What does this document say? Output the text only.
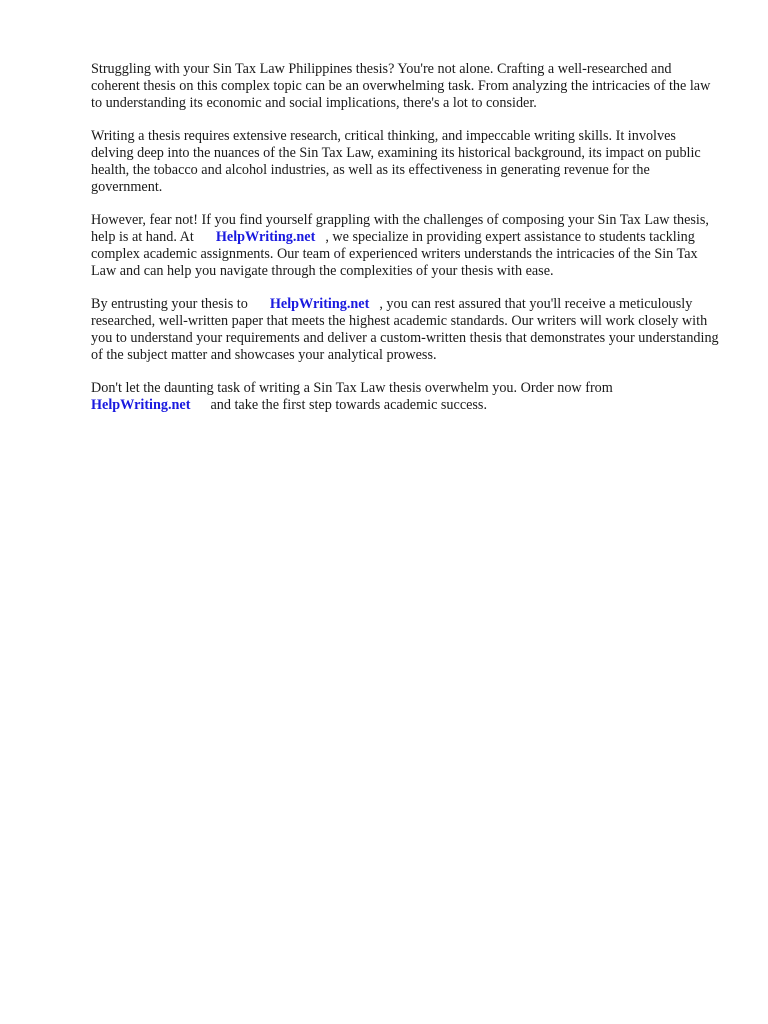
Struggling with your Sin Tax Law Philippines thesis? You're not alone. Crafting a well-researched and coherent thesis on this complex topic can be an overwhelming task. From analyzing the intricacies of the law to understanding its economic and social implications, there's a lot to consider.

Writing a thesis requires extensive research, critical thinking, and impeccable writing skills. It involves delving deep into the nuances of the Sin Tax Law, examining its historical background, its impact on public health, the tobacco and alcohol industries, as well as its effectiveness in generating revenue for the government.

However, fear not! If you find yourself grappling with the challenges of composing your Sin Tax Law thesis, help is at hand. At HelpWriting.net , we specialize in providing expert assistance to students tackling complex academic assignments. Our team of experienced writers understands the intricacies of the Sin Tax Law and can help you navigate through the complexities of your thesis with ease.

By entrusting your thesis to HelpWriting.net , you can rest assured that you'll receive a meticulously researched, well-written paper that meets the highest academic standards. Our writers will work closely with you to understand your requirements and deliver a custom-written thesis that demonstrates your understanding of the subject matter and showcases your analytical prowess.

Don't let the daunting task of writing a Sin Tax Law thesis overwhelm you. Order now from HelpWriting.net and take the first step towards academic success.
